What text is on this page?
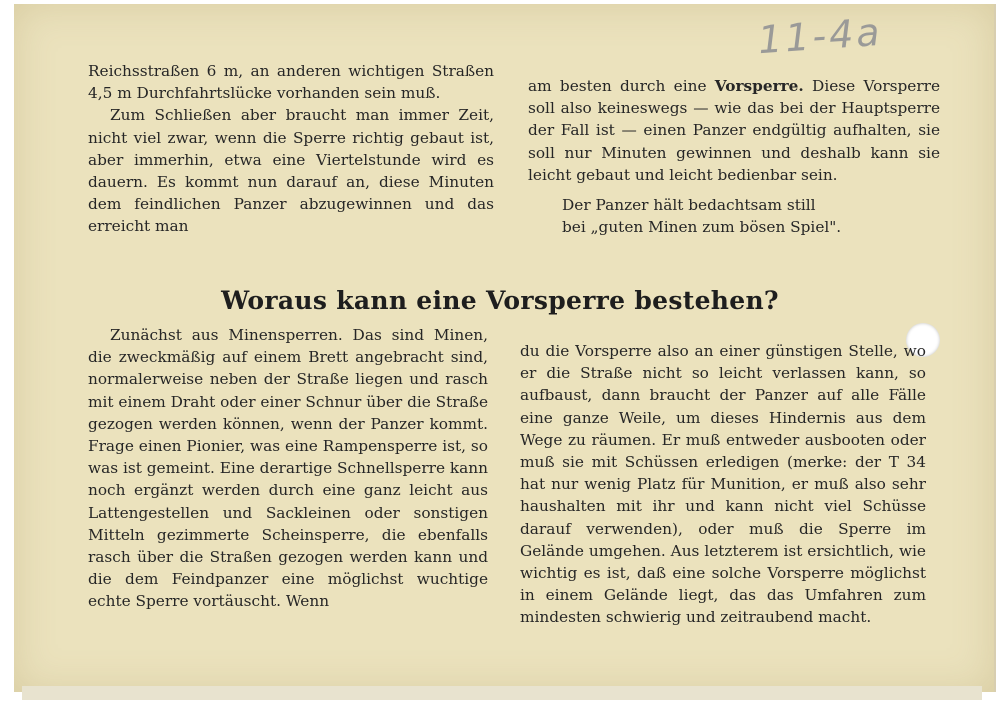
11-4a

Reichsstraßen 6 m, an anderen wichtigen Straßen 4,5 m Durchfahrtslücke vorhanden sein muß.

Zum Schließen aber braucht man immer Zeit, nicht viel zwar, wenn die Sperre richtig gebaut ist, aber immerhin, etwa eine Viertelstunde wird es dauern. Es kommt nun darauf an, diese Minuten dem feindlichen Panzer abzugewinnen und das erreicht man

am besten durch eine Vorsperre. Diese Vorsperre soll also keineswegs — wie das bei der Hauptsperre der Fall ist — einen Panzer endgültig aufhalten, sie soll nur Minuten gewinnen und deshalb kann sie leicht gebaut und leicht bedienbar sein.

Der Panzer hält bedachtsam still
bei „guten Minen zum bösen Spiel".

Woraus kann eine Vorsperre bestehen?

Zunächst aus Minensperren. Das sind Minen, die zweckmäßig auf einem Brett angebracht sind, normalerweise neben der Straße liegen und rasch mit einem Draht oder einer Schnur über die Straße gezogen werden können, wenn der Panzer kommt. Frage einen Pionier, was eine Rampensperre ist, so was ist gemeint. Eine derartige Schnellsperre kann noch ergänzt werden durch eine ganz leicht aus Lattengestellen und Sackleinen oder sonstigen Mitteln gezimmerte Scheinsperre, die ebenfalls rasch über die Straßen gezogen werden kann und die dem Feindpanzer eine möglichst wuchtige echte Sperre vortäuscht. Wenn

du die Vorsperre also an einer günstigen Stelle, wo er die Straße nicht so leicht verlassen kann, so aufbaust, dann braucht der Panzer auf alle Fälle eine ganze Weile, um dieses Hindernis aus dem Wege zu räumen. Er muß entweder ausbooten oder muß sie mit Schüssen erledigen (merke: der T 34 hat nur wenig Platz für Munition, er muß also sehr haushalten mit ihr und kann nicht viel Schüsse darauf verwenden), oder muß die Sperre im Gelände umgehen. Aus letzterem ist ersichtlich, wie wichtig es ist, daß eine solche Vorsperre möglichst in einem Gelände liegt, das das Umfahren zum mindesten schwierig und zeitraubend macht.
